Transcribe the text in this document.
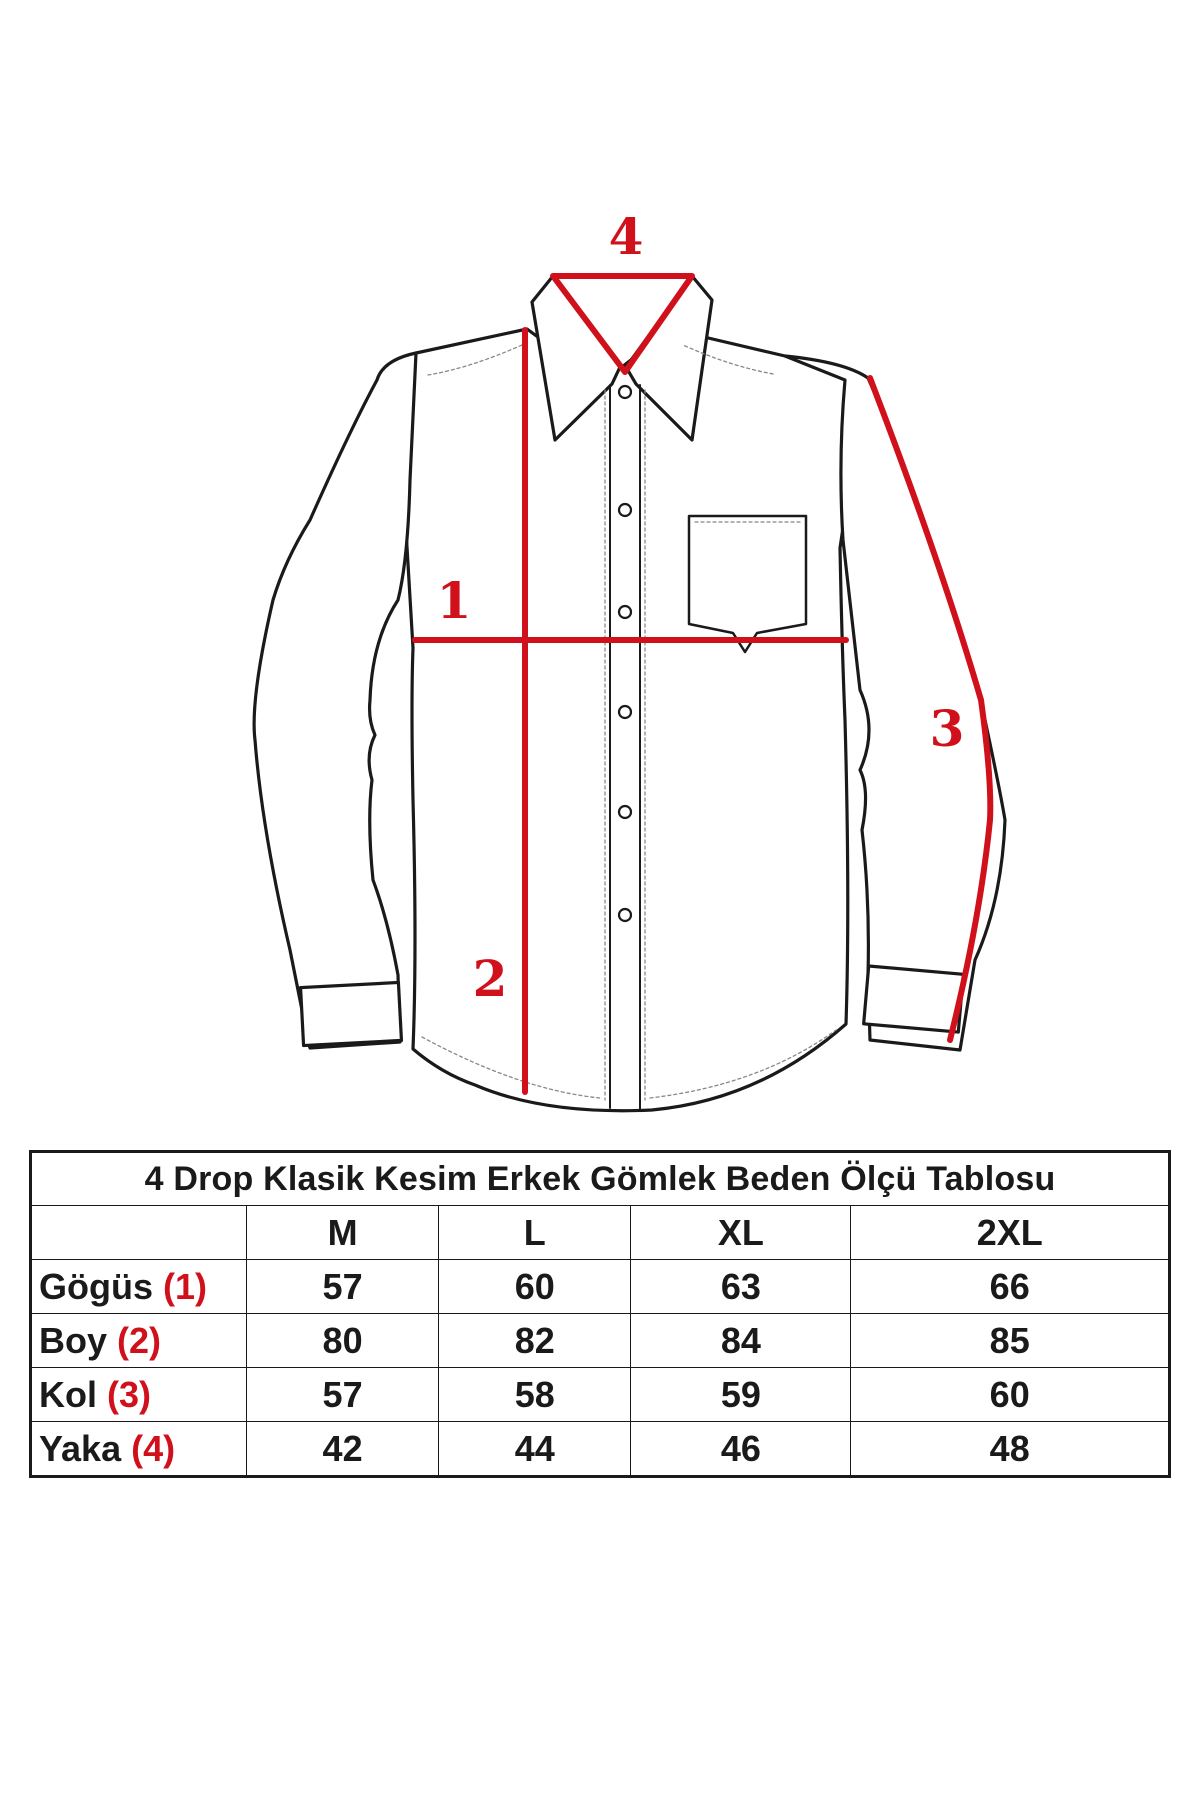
4
1
3
2
4 Drop Klasik Kesim Erkek Gömlek Beden Ölçü Tablosu				
	M	L	XL	2XL
Gögüs (1)	57	60	63	66
Boy (2)	80	82	84	85
Kol (3)	57	58	59	60
Yaka (4)	42	44	46	48
